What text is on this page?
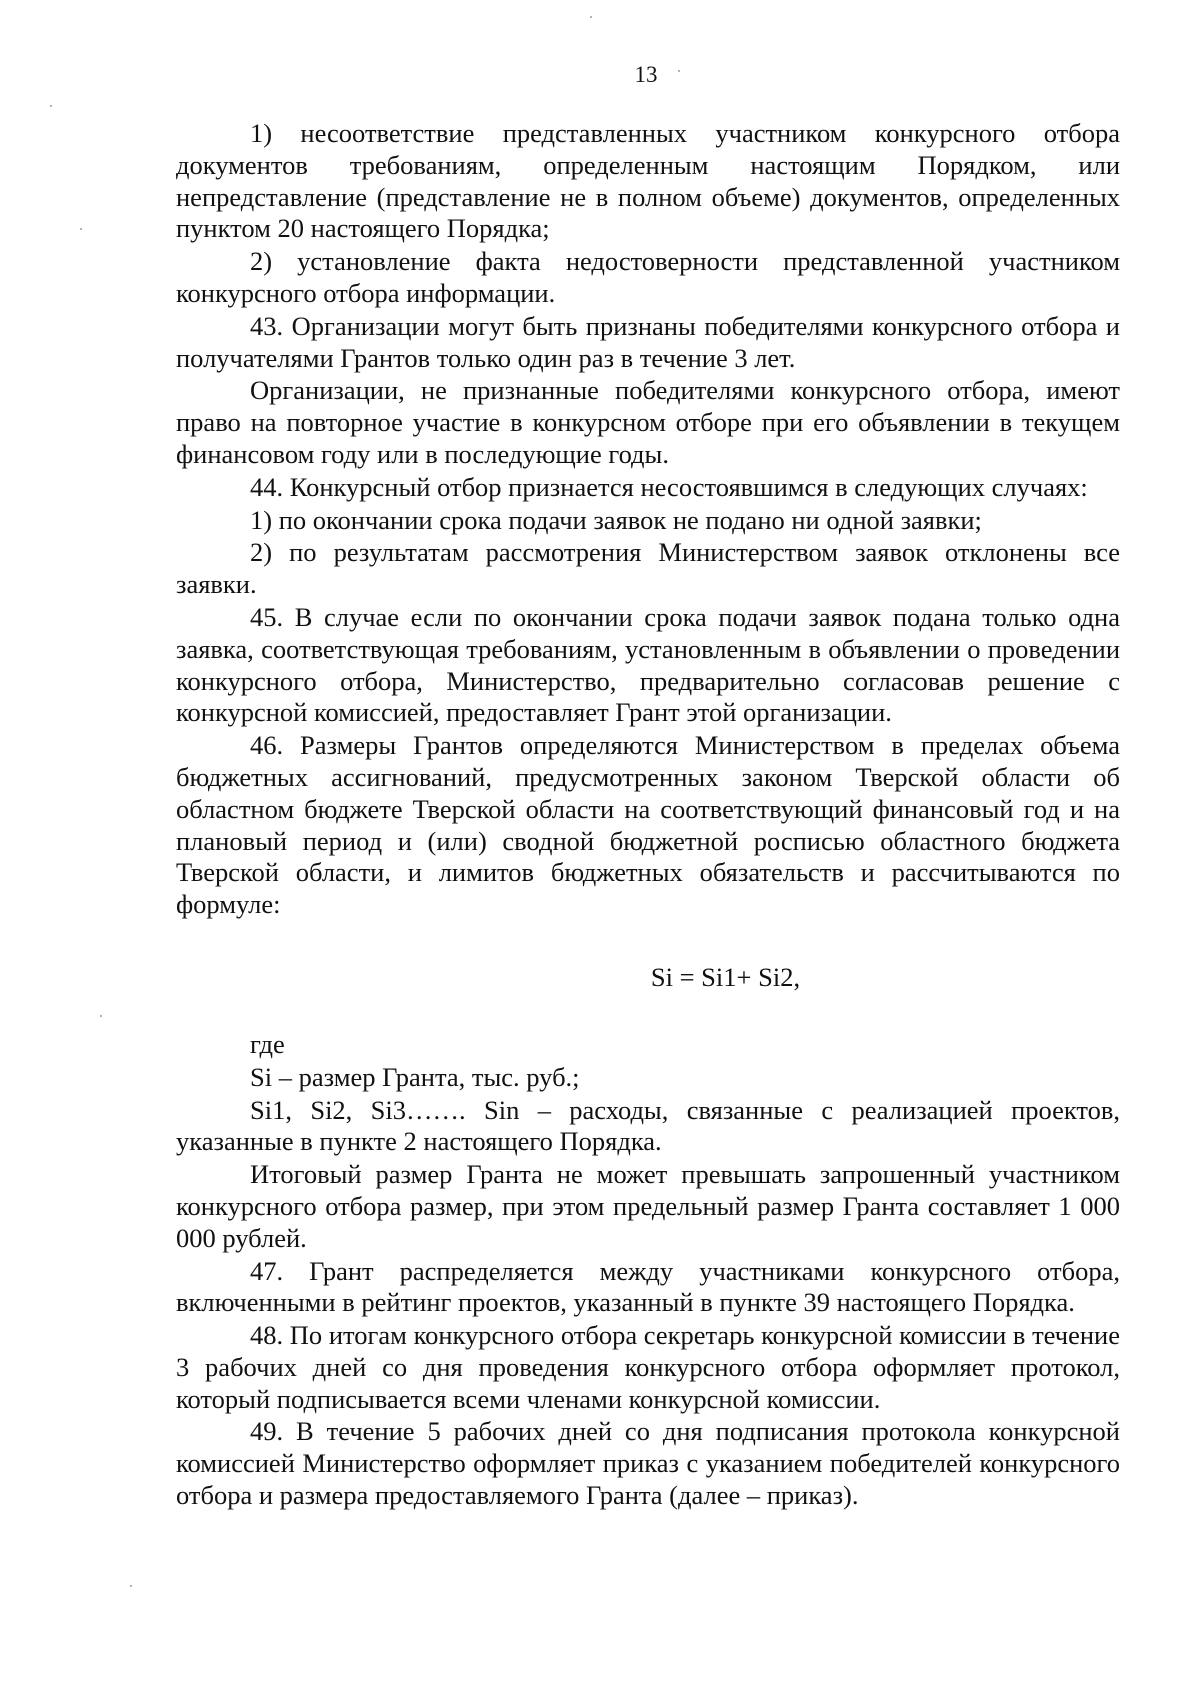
13

1) несоответствие представленных участником конкурсного отбора документов требованиям, определенным настоящим Порядком, или непредставление (представление не в полном объеме) документов, определенных пунктом 20 настоящего Порядка;

2) установление факта недостоверности представленной участником конкурсного отбора информации.

43. Организации могут быть признаны победителями конкурсного отбора и получателями Грантов только один раз в течение 3 лет.

Организации, не признанные победителями конкурсного отбора, имеют право на повторное участие в конкурсном отборе при его объявлении в текущем финансовом году или в последующие годы.

44. Конкурсный отбор признается несостоявшимся в следующих случаях:

1) по окончании срока подачи заявок не подано ни одной заявки;

2) по результатам рассмотрения Министерством заявок отклонены все заявки.

45. В случае если по окончании срока подачи заявок подана только одна заявка, соответствующая требованиям, установленным в объявлении о проведении конкурсного отбора, Министерство, предварительно согласовав решение с конкурсной комиссией, предоставляет Грант этой организации.

46. Размеры Грантов определяются Министерством в пределах объема бюджетных ассигнований, предусмотренных законом Тверской области об областном бюджете Тверской области на соответствующий финансовый год и на плановый период и (или) сводной бюджетной росписью областного бюджета Тверской области, и лимитов бюджетных обязательств и рассчитываются по формуле:

Si = Si1+ Si2,

где

Si – размер Гранта, тыс. руб.;

Si1, Si2, Si3……. Sin – расходы, связанные с реализацией проектов, указанные в пункте 2 настоящего Порядка.

Итоговый размер Гранта не может превышать запрошенный участником конкурсного отбора размер, при этом предельный размер Гранта составляет 1 000 000 рублей.

47. Грант распределяется между участниками конкурсного отбора, включенными в рейтинг проектов, указанный в пункте 39 настоящего Порядка.

48. По итогам конкурсного отбора секретарь конкурсной комиссии в течение 3 рабочих дней со дня проведения конкурсного отбора оформляет протокол, который подписывается всеми членами конкурсной комиссии.

49. В течение 5 рабочих дней со дня подписания протокола конкурсной комиссией Министерство оформляет приказ с указанием победителей конкурсного отбора и размера предоставляемого Гранта (далее – приказ).
